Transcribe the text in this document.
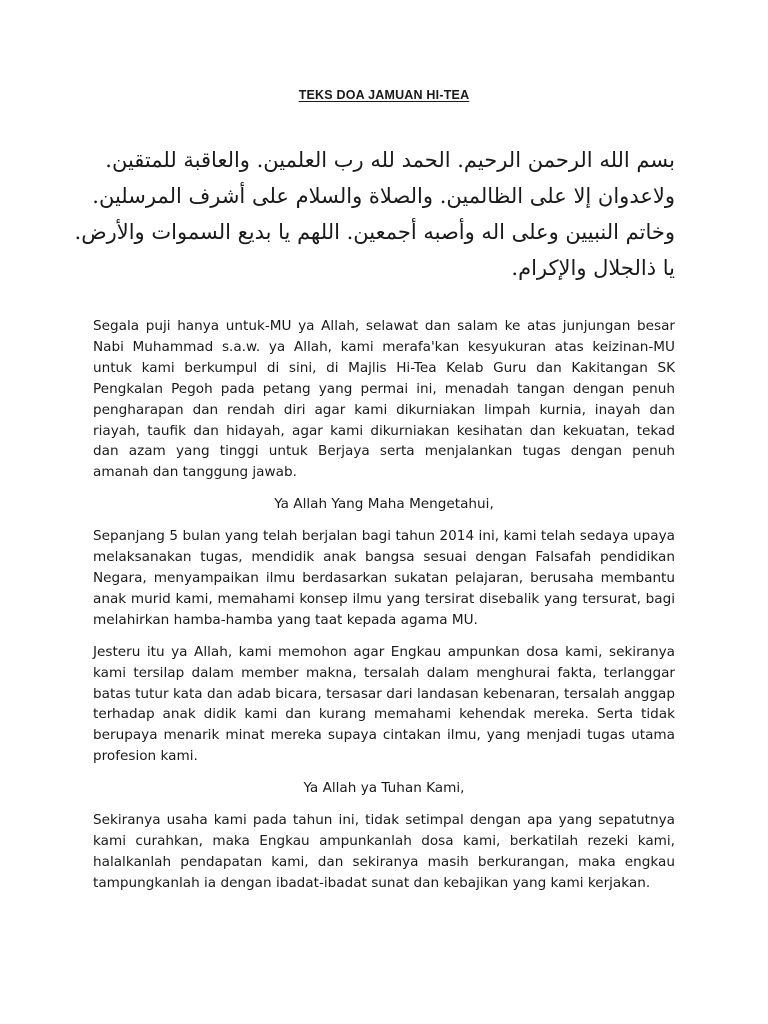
TEKS DOA JAMUAN HI-TEA
بسم الله الرحمن الرحيم. الحمد لله رب العلمين. والعاقبة للمتقين.
ولاعدوان إلا على الظالمين. والصلاة والسلام على أشرف المرسلين.
وخاتم النبيين وعلى اله وأصبه أجمعين. اللهم يا بديع السموات والأرض.
يا ذالجلال والإكرام.

Segala puji hanya untuk-MU ya Allah, selawat dan salam ke atas junjungan besar Nabi Muhammad s.a.w. ya Allah, kami merafa'kan kesyukuran atas keizinan-MU untuk kami berkumpul di sini, di Majlis Hi-Tea Kelab Guru dan Kakitangan SK Pengkalan Pegoh pada petang yang permai ini, menadah tangan dengan penuh pengharapan dan rendah diri agar kami dikurniakan limpah kurnia, inayah dan riayah, taufik dan hidayah, agar kami dikurniakan kesihatan dan kekuatan, tekad dan azam yang tinggi untuk Berjaya serta menjalankan tugas dengan penuh amanah dan tanggung jawab.

Ya Allah Yang Maha Mengetahui,

Sepanjang 5 bulan yang telah berjalan bagi tahun 2014 ini, kami telah sedaya upaya melaksanakan tugas, mendidik anak bangsa sesuai dengan Falsafah pendidikan Negara, menyampaikan ilmu berdasarkan sukatan pelajaran, berusaha membantu anak murid kami, memahami konsep ilmu yang tersirat disebalik yang tersurat, bagi melahirkan hamba-hamba yang taat kepada agama MU.

Jesteru itu ya Allah, kami memohon agar Engkau ampunkan dosa kami, sekiranya kami tersilap dalam member makna, tersalah dalam menghurai fakta, terlanggar batas tutur kata dan adab bicara, tersasar dari landasan kebenaran, tersalah anggap terhadap anak didik kami dan kurang memahami kehendak mereka. Serta tidak berupaya menarik minat mereka supaya cintakan ilmu, yang menjadi tugas utama profesion kami.

Ya Allah ya Tuhan Kami,

Sekiranya usaha kami pada tahun ini, tidak setimpal dengan apa yang sepatutnya kami curahkan, maka Engkau ampunkanlah dosa kami, berkatilah rezeki kami, halalkanlah pendapatan kami, dan sekiranya masih berkurangan, maka engkau tampungkanlah ia dengan ibadat-ibadat sunat dan kebajikan yang kami kerjakan.
